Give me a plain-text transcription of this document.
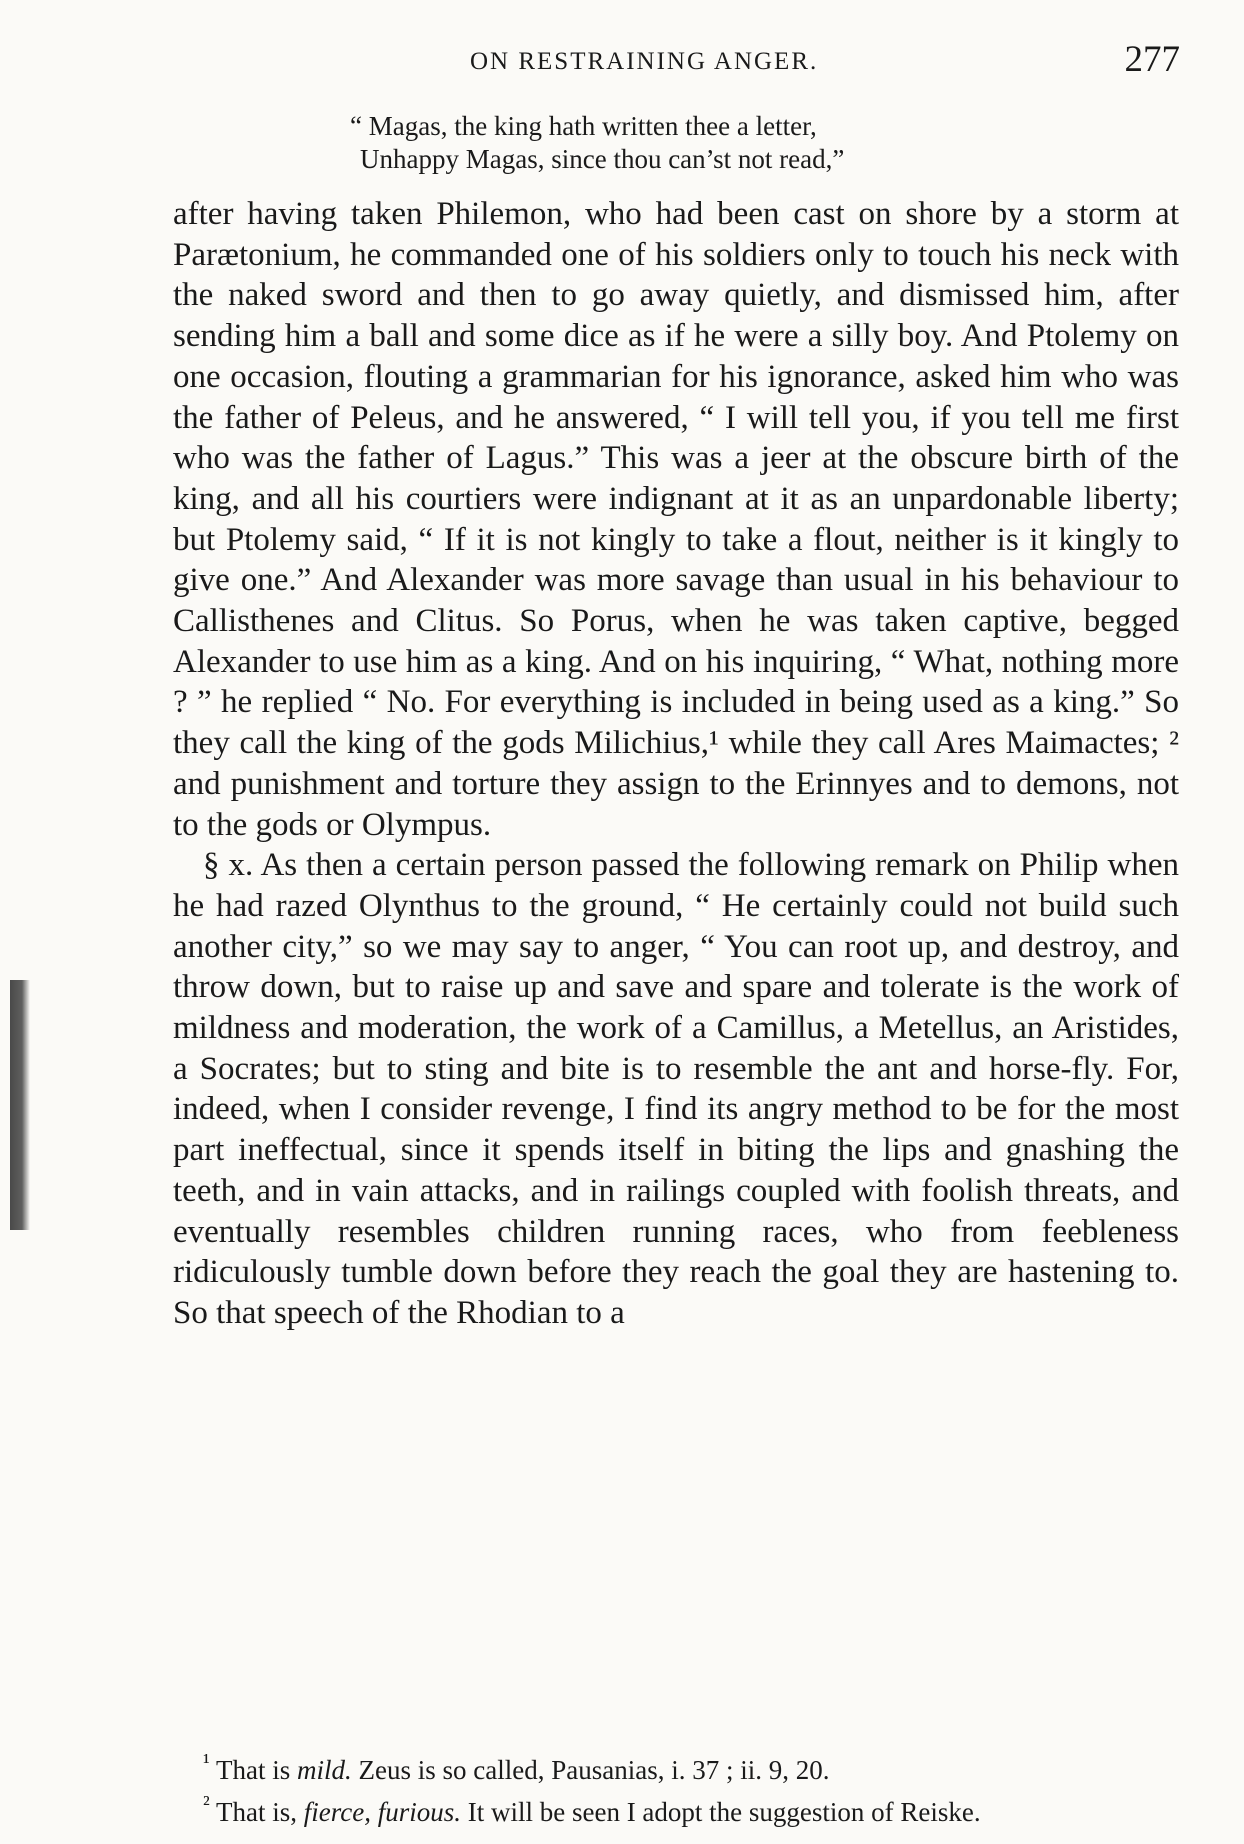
ON RESTRAINING ANGER.	277
“ Magas, the king hath written thee a letter,
Unhappy Magas, since thou can’st not read,”

after having taken Philemon, who had been cast on shore by a storm at Parætonium, he commanded one of his soldiers only to touch his neck with the naked sword and then to go away quietly, and dismissed him, after sending him a ball and some dice as if he were a silly boy. And Ptolemy on one occasion, flouting a grammarian for his ignorance, asked him who was the father of Peleus, and he answered, “ I will tell you, if you tell me first who was the father of Lagus.” This was a jeer at the obscure birth of the king, and all his courtiers were indignant at it as an unpardonable liberty; but Ptolemy said, “ If it is not kingly to take a flout, neither is it kingly to give one.” And Alexander was more savage than usual in his behaviour to Callisthenes and Clitus. So Porus, when he was taken captive, begged Alexander to use him as a king. And on his inquiring, “ What, nothing more ? ” he replied “ No. For everything is included in being used as a king.” So they call the king of the gods Milichius,¹ while they call Ares Maimactes; ² and punishment and torture they assign to the Erinnyes and to demons, not to the gods or Olympus.

§ x. As then a certain person passed the following remark on Philip when he had razed Olynthus to the ground, “ He certainly could not build such another city,” so we may say to anger, “ You can root up, and destroy, and throw down, but to raise up and save and spare and tolerate is the work of mildness and moderation, the work of a Camillus, a Metellus, an Aristides, a Socrates; but to sting and bite is to resemble the ant and horse-fly. For, indeed, when I consider revenge, I find its angry method to be for the most part ineffectual, since it spends itself in biting the lips and gnashing the teeth, and in vain attacks, and in railings coupled with foolish threats, and eventually resembles children running races, who from feebleness ridiculously tumble down before they reach the goal they are hastening to. So that speech of the Rhodian to a

$^{^1}$ That is mild. Zeus is so called, Pausanias, i. 37 ; ii. 9, 20.

$^{^2}$ That is, fierce, furious. It will be seen I adopt the suggestion of Reiske.
